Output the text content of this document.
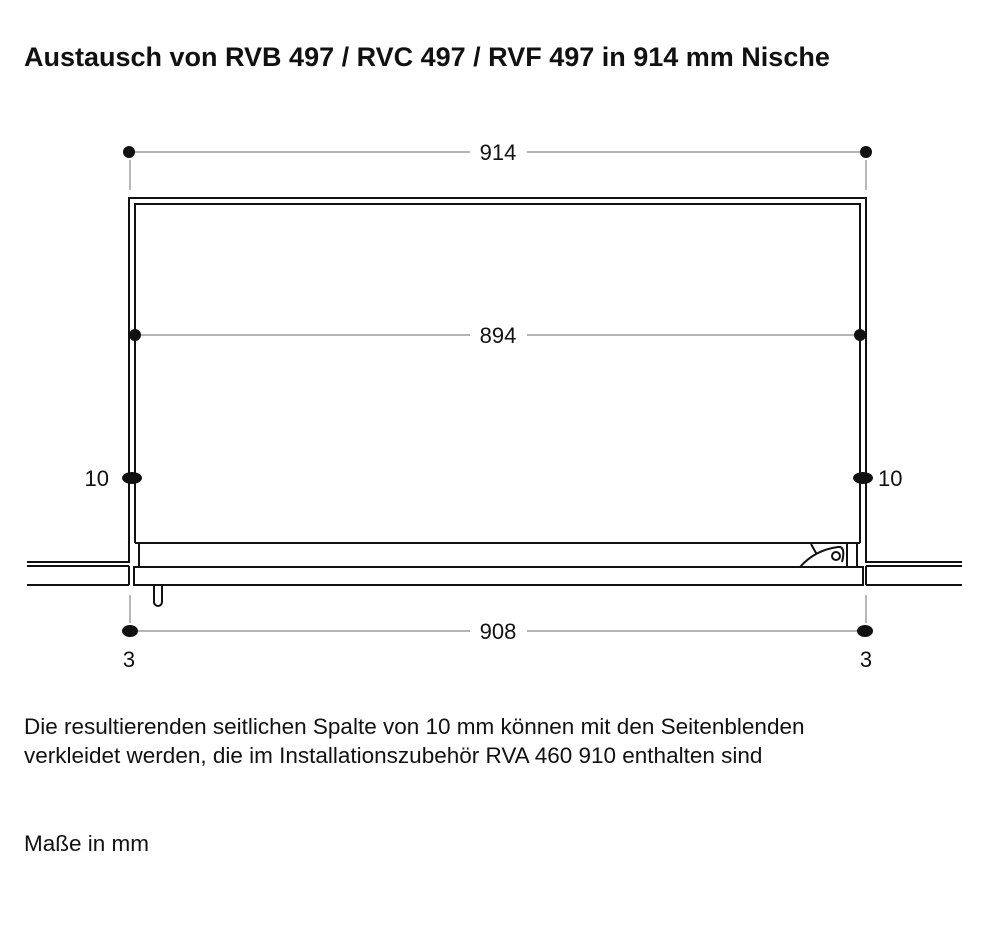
Austausch von RVB 497 / RVC 497 / RVF 497 in 914 mm Nische
914
894
10	10
908
3	3
Die resultierenden seitlichen Spalte von 10 mm können mit den Seitenblenden
verkleidet werden, die im Installationszubehör RVA 460 910 enthalten sind
Maße in mm
